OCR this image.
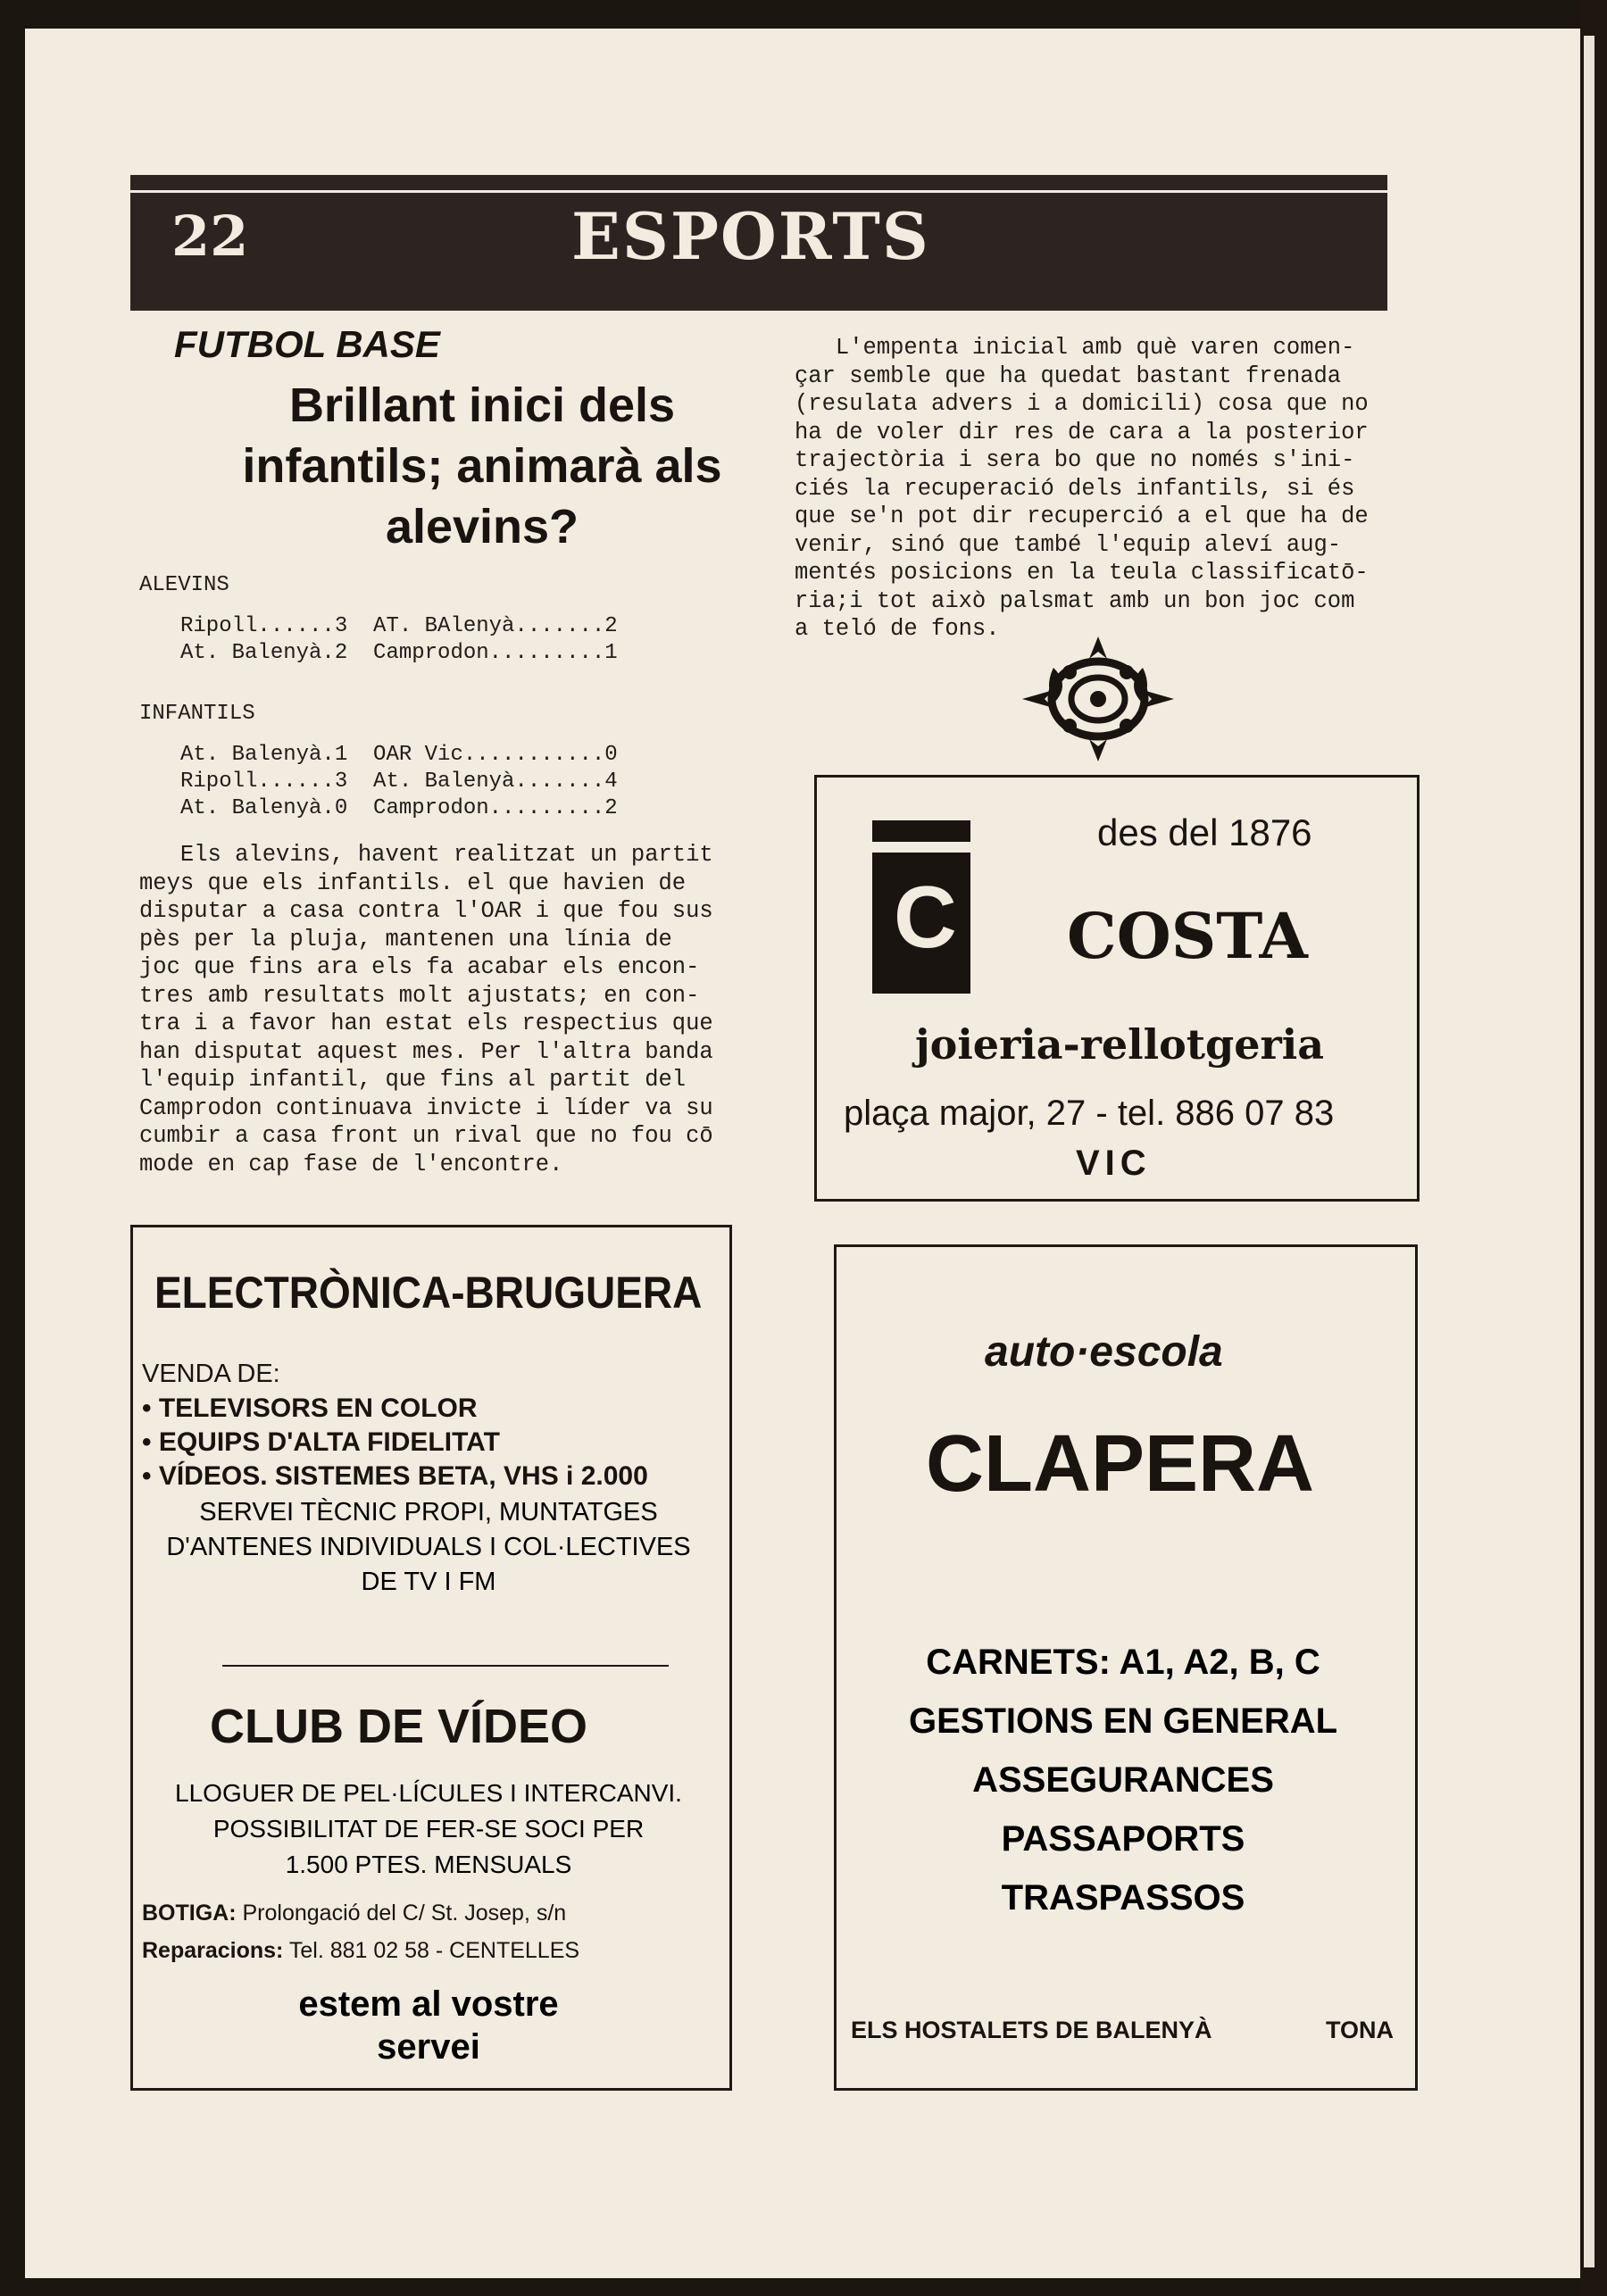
22	ESPORTS
FUTBOL BASE
Brillant inici dels
infantils; animarà als
alevins?
ALEVINS
Ripoll......3  AT. BAlenyà.......2
At. Balenyà.2  Camprodon.........1
INFANTILS
At. Balenyà.1  OAR Vic...........0
Ripoll......3  At. Balenyà.......4
At. Balenyà.0  Camprodon.........2
Els alevins, havent realitzat un partit
meys que els infantils. el que havien de
disputar a casa contra l'OAR i que fou sus
pès per la pluja, mantenen una línia de
joc que fins ara els fa acabar els encon-
tres amb resultats molt ajustats; en con-
tra i a favor han estat els respectius que
han disputat aquest mes. Per l'altra banda
l'equip infantil, que fins al partit del
Camprodon continuava invicte i líder va su
cumbir a casa front un rival que no fou cō
mode en cap fase de l'encontre.
L'empenta inicial amb què varen comen-
çar semble que ha quedat bastant frenada
(resulata advers i a domicili) cosa que no
ha de voler dir res de cara a la posterior
trajectòria i sera bo que no només s'ini-
ciés la recuperació dels infantils, si és
que se'n pot dir recuperció a el que ha de
venir, sinó que també l'equip aleví aug-
mentés posicions en la teula classificatō-
ria;i tot això palsmat amb un bon joc com
a teló de fons.
C
des del 1876
COSTA
joieria-rellotgeria
plaça major, 27 - tel. 886 07 83
VIC
ELECTRÒNICA-BRUGUERA
VENDA DE:
• TELEVISORS EN COLOR
• EQUIPS D'ALTA FIDELITAT
• VÍDEOS. SISTEMES BETA, VHS i 2.000
SERVEI TÈCNIC PROPI, MUNTATGES
D'ANTENES INDIVIDUALS I COL·LECTIVES
DE TV I FM
CLUB DE VÍDEO
LLOGUER DE PEL·LÍCULES I INTERCANVI.
POSSIBILITAT DE FER-SE SOCI PER
1.500 PTES. MENSUALS
BOTIGA: Prolongació del C/ St. Josep, s/n
Reparacions: Tel. 881 02 58 - CENTELLES
estem al vostre
servei
auto·escola
CLAPERA
CARNETS: A1, A2, B, C
GESTIONS EN GENERAL
ASSEGURANCES
PASSAPORTS
TRASPASSOS
ELS HOSTALETS DE BALENYÀ	TONA
